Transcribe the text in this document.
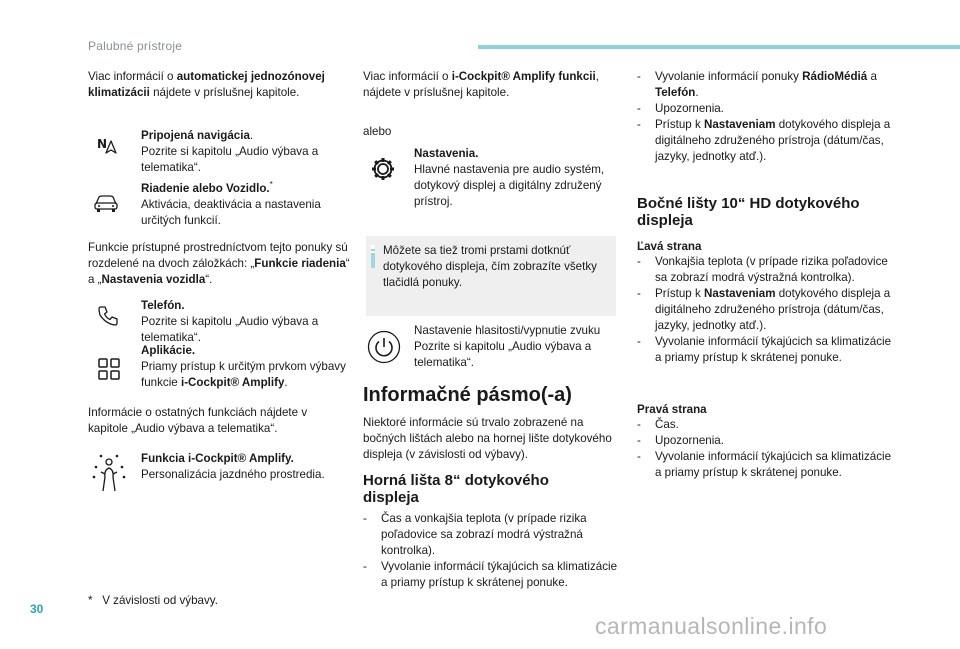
Palubné prístroje

Viac informácií o automatickej jednozónovej klimatizácii nájdete v príslušnej kapitole.

N

Pripojená navigácia.
Pozrite si kapitolu „Audio výbava a telematika“.

Riadenie alebo Vozidlo.*
Aktivácia, deaktivácia a nastavenia určitých funkcií.

Funkcie prístupné prostredníctvom tejto ponuky sú rozdelené na dvoch záložkách: „Funkcie riadenia“ a „Nastavenia vozidla“.

Telefón.
Pozrite si kapitolu „Audio výbava a telematika“.

Aplikácie.
Priamy prístup k určitým prvkom výbavy funkcie i-Cockpit® Amplify.

Informácie o ostatných funkciách nájdete v kapitole „Audio výbava a telematika“.

Funkcia i-Cockpit® Amplify.
Personalizácia jazdného prostredia.

* V závislosti od výbavy.

Viac informácií o i-Cockpit® Amplify funkcii, nájdete v príslušnej kapitole.

alebo

Nastavenia.
Hlavné nastavenia pre audio systém, dotykový displej a digitálny združený prístroj.

Môžete sa tiež tromi prstami dotknúť dotykového displeja, čím zobrazíte všetky tlačidlá ponuky.

Nastavenie hlasitosti/vypnutie zvuku Pozrite si kapitolu „Audio výbava a telematika“.

Informačné pásmo(-a)

Niektoré informácie sú trvalo zobrazené na bočných lištách alebo na hornej lište dotykového displeja (v závislosti od výbavy).

Horná lišta 8“ dotykového displeja

- Čas a vonkajšia teplota (v prípade rizika poľadovice sa zobrazí modrá výstražná kontrolka).

- Vyvolanie informácií týkajúcich sa klimatizácie a priamy prístup k skrátenej ponuke.

- Vyvolanie informácií ponuky RádioMédiá a Telefón.

- Upozornenia.

- Prístup k Nastaveniam dotykového displeja a digitálneho združeného prístroja (dátum/čas, jazyky, jednotky atď.).

Bočné lišty 10“ HD dotykového displeja

Ľavá strana

- Vonkajšia teplota (v prípade rizika poľadovice sa zobrazí modrá výstražná kontrolka).

- Prístup k Nastaveniam dotykového displeja a digitálneho združeného prístroja (dátum/čas, jazyky, jednotky atď.).

- Vyvolanie informácií týkajúcich sa klimatizácie a priamy prístup k skrátenej ponuke.

Pravá strana

- Čas.

- Upozornenia.

- Vyvolanie informácií týkajúcich sa klimatizácie a priamy prístup k skrátenej ponuke.

30
carmanualsonline.info
